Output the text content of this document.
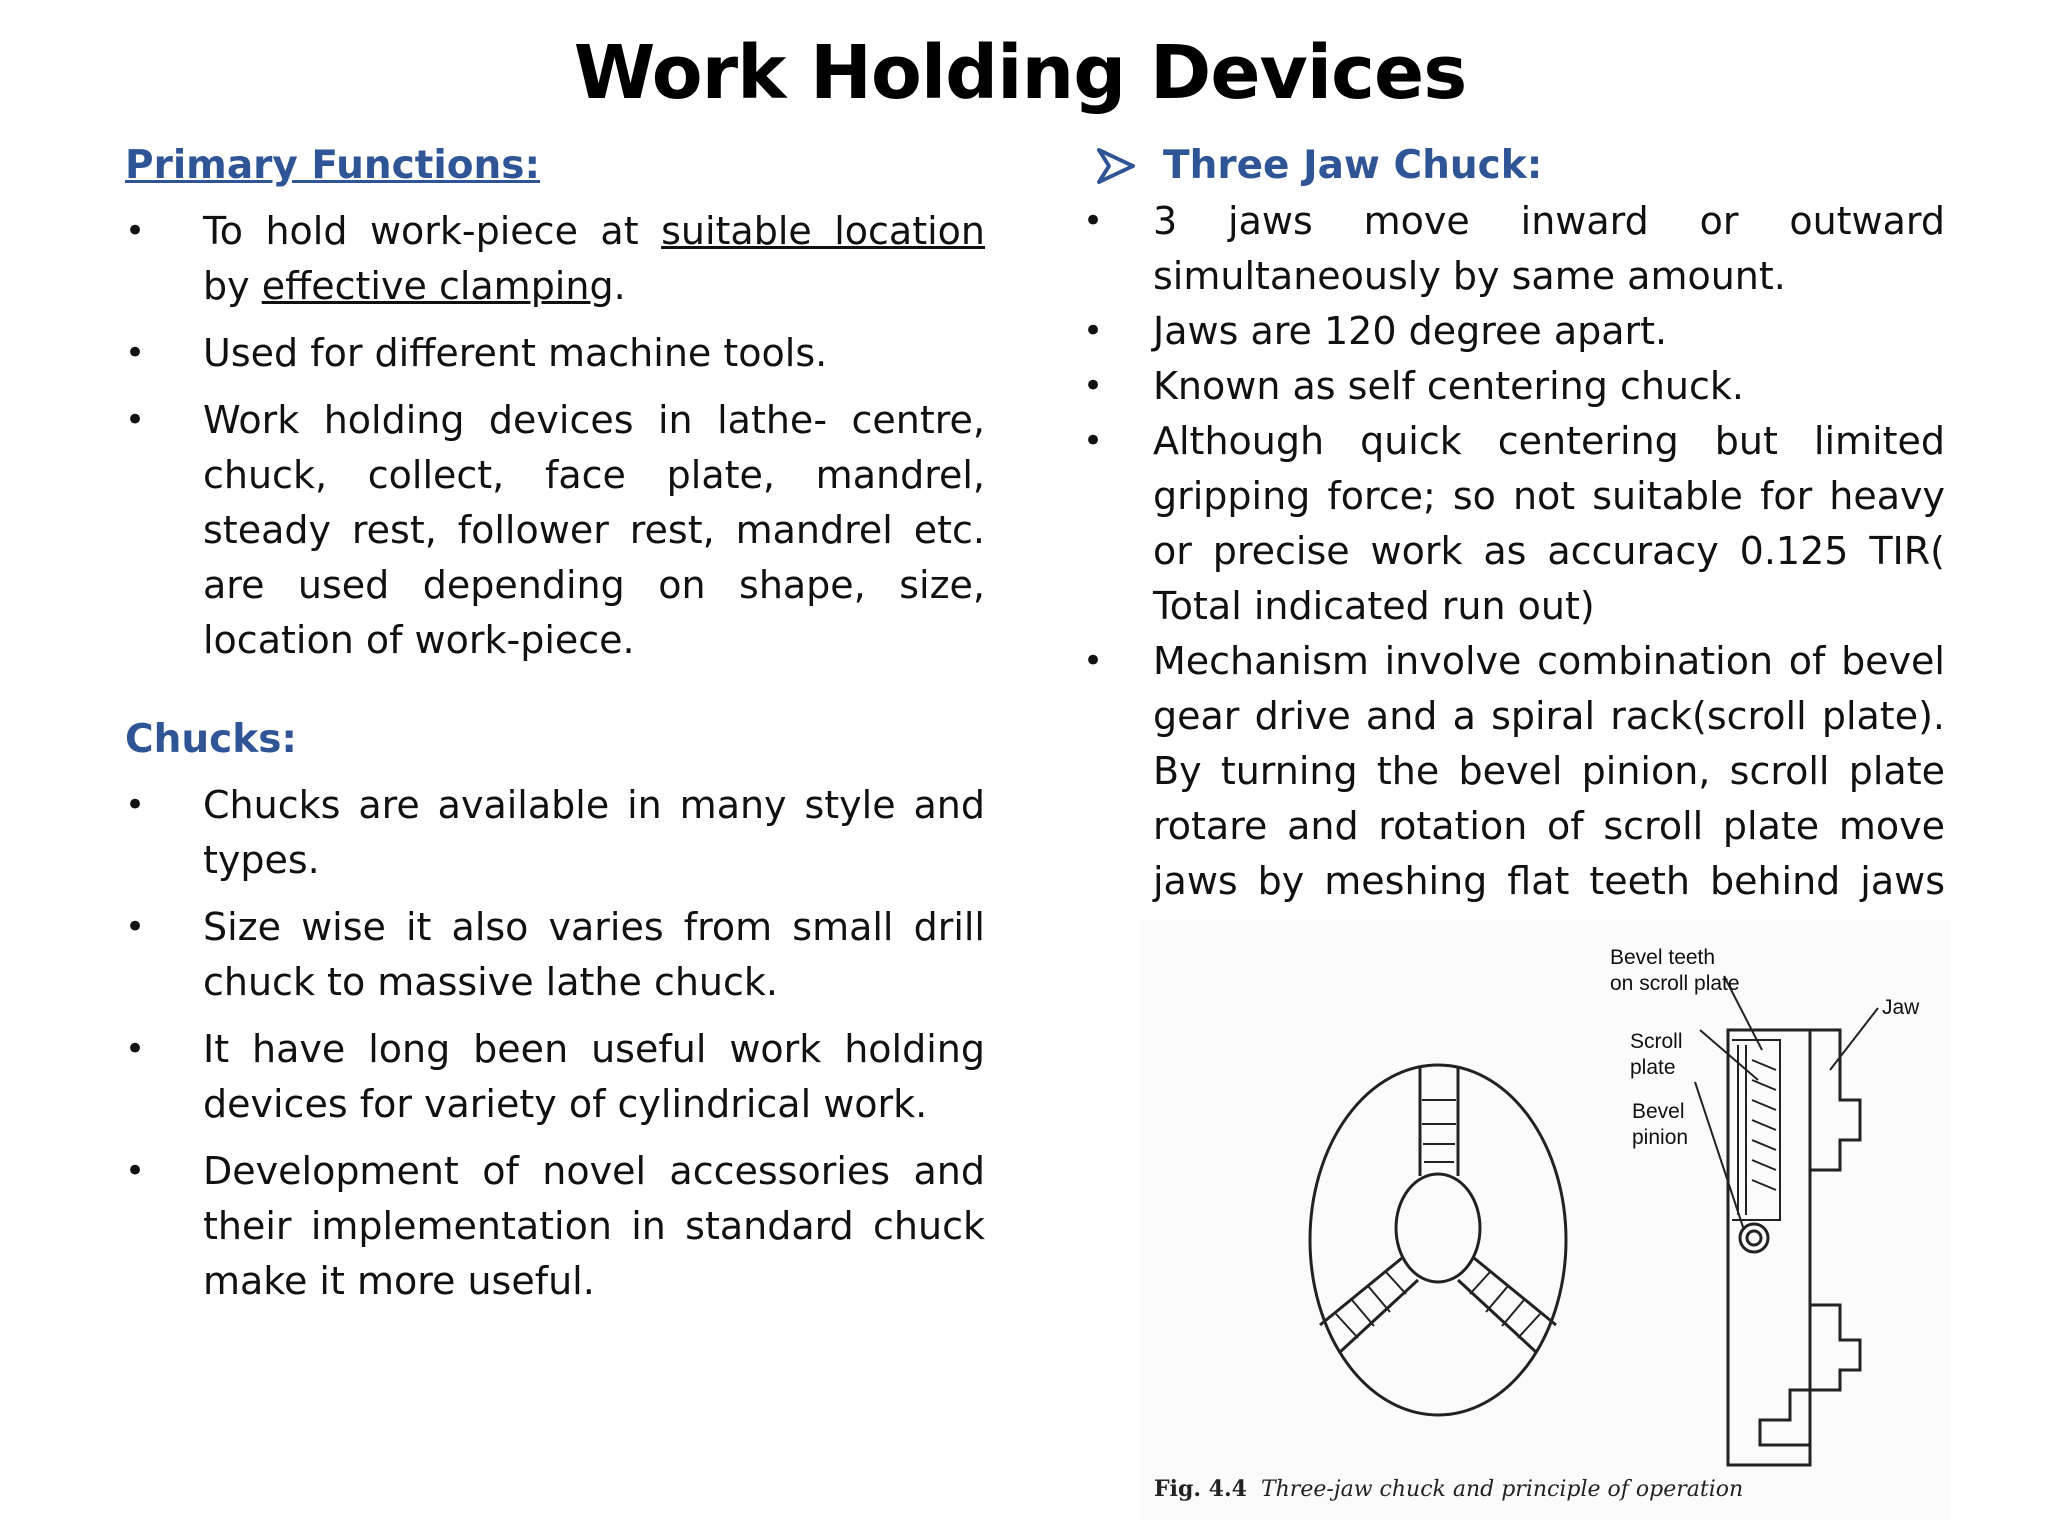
Work Holding Devices
Primary Functions:
• To hold work-piece at suitable location by effective clamping.
• Used for different machine tools.
• Work holding devices in lathe- centre, chuck, collect, face plate, mandrel, steady rest, follower rest, mandrel etc. are used depending on shape, size, location of work-piece.
Chucks:
• Chucks are available in many style and types.
• Size wise it also varies from small drill chuck to massive lathe chuck.
• It have long been useful work holding devices for variety of cylindrical work.
• Development of novel accessories and their implementation in standard chuck make it more useful.
Three Jaw Chuck:
• 3 jaws move inward or outward simultaneously by same amount.
• Jaws are 120 degree apart.
• Known as self centering chuck.
• Although quick centering but limited gripping force; so not suitable for heavy or precise work as accuracy 0.125 TIR( Total indicated run out)
• Mechanism involve combination of bevel gear drive and a spiral rack(scroll plate). By turning the bevel pinion, scroll plate rotare and rotation of scroll plate move jaws by meshing flat teeth behind jaws
Bevel teeth
on scroll plate
Jaw
Scroll
plate
Bevel
pinion
Fig. 4.4 Three-jaw chuck and principle of operation
